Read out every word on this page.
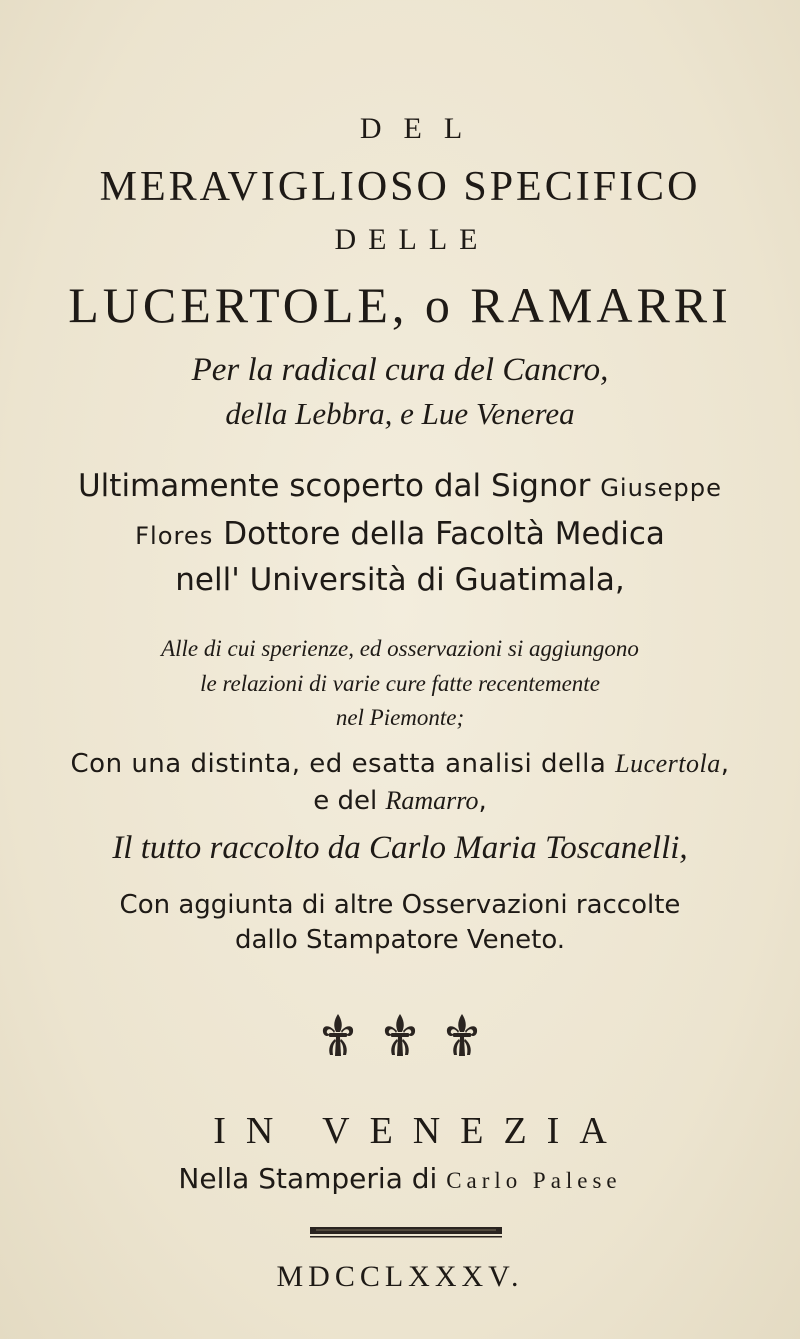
DEL
MERAVIGLIOSO SPECIFICO
DELLE
LUCERTOLE, o RAMARRI
Per la radical cura del Cancro,
della Lebbra, e Lue Venerea
Ultimamente scoperto dal Signor Giuseppe
Flores Dottore della Facoltà Medica
nell' Università di Guatimala,
Alle di cui sperienze, ed osservazioni si aggiungono
le relazioni di varie cure fatte recentemente
nel Piemonte;
Con una distinta, ed esatta analisi della Lucertola,
e del Ramarro,
Il tutto raccolto da Carlo Maria Toscanelli,
Con aggiunta di altre Osservazioni raccolte
dallo Stampatore Veneto.
IN VENEZIA
Nella Stamperia di Carlo Palese
MDCCLXXXV.
